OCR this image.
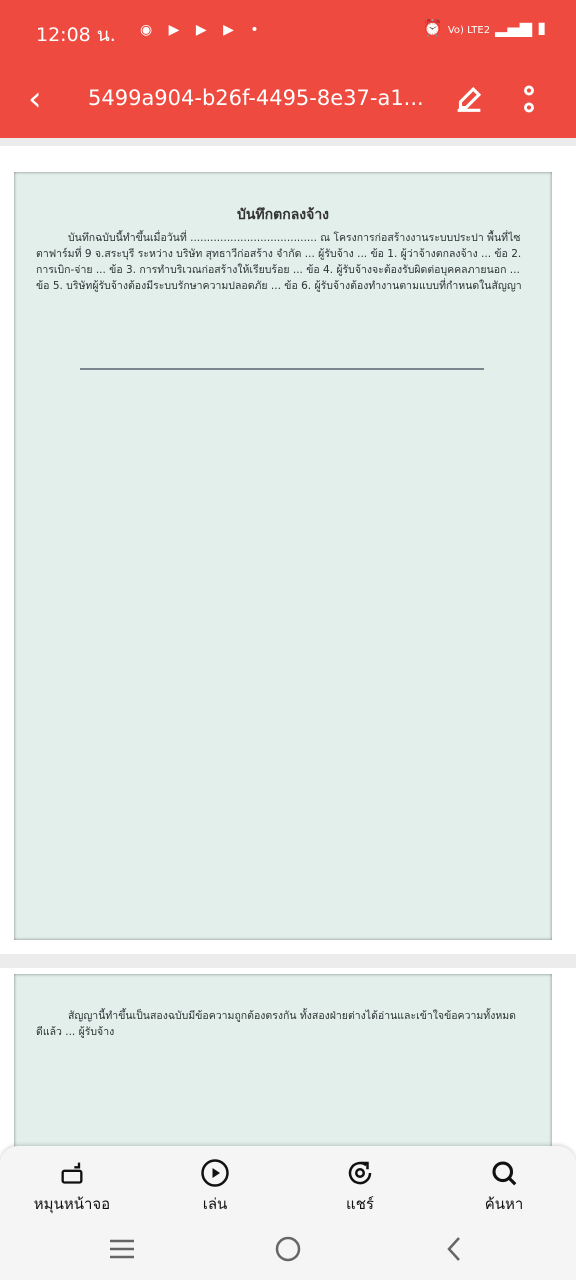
12:08 น. ◉ ▶ ▶ ▶ •	⏰ Vo) LTE2 ▂▄▆ ▮
‹ 5499a904-b26f-4495-8e37-a1...
บันทึกตกลงจ้าง
บันทึกฉบับนี้ทำขึ้นเมื่อวันที่ ...................................... ณ โครงการก่อสร้างงานระบบประปา พื้นที่ไซตาฟาร์มที่ 9 จ.สระบุรี ระหว่าง บริษัท สุทธาวีก่อสร้าง จำกัด ... ผู้รับจ้าง ... ข้อ 1. ผู้ว่าจ้างตกลงจ้าง ... ข้อ 2. การเบิก-จ่าย ... ข้อ 3. การทำบริเวณก่อสร้างให้เรียบร้อย ... ข้อ 4. ผู้รับจ้างจะต้องรับผิดต่อบุคคลภายนอก ... ข้อ 5. บริษัทผู้รับจ้างต้องมีระบบรักษาความปลอดภัย ... ข้อ 6. ผู้รับจ้างต้องทำงานตามแบบที่กำหนดในสัญญา
สัญญานี้ทำขึ้นเป็นสองฉบับมีข้อความถูกต้องตรงกัน ทั้งสองฝ่ายต่างได้อ่านและเข้าใจข้อความทั้งหมดดีแล้ว ... ผู้รับจ้าง
หมุนหน้าจอ	เล่น	แชร์	ค้นหา
